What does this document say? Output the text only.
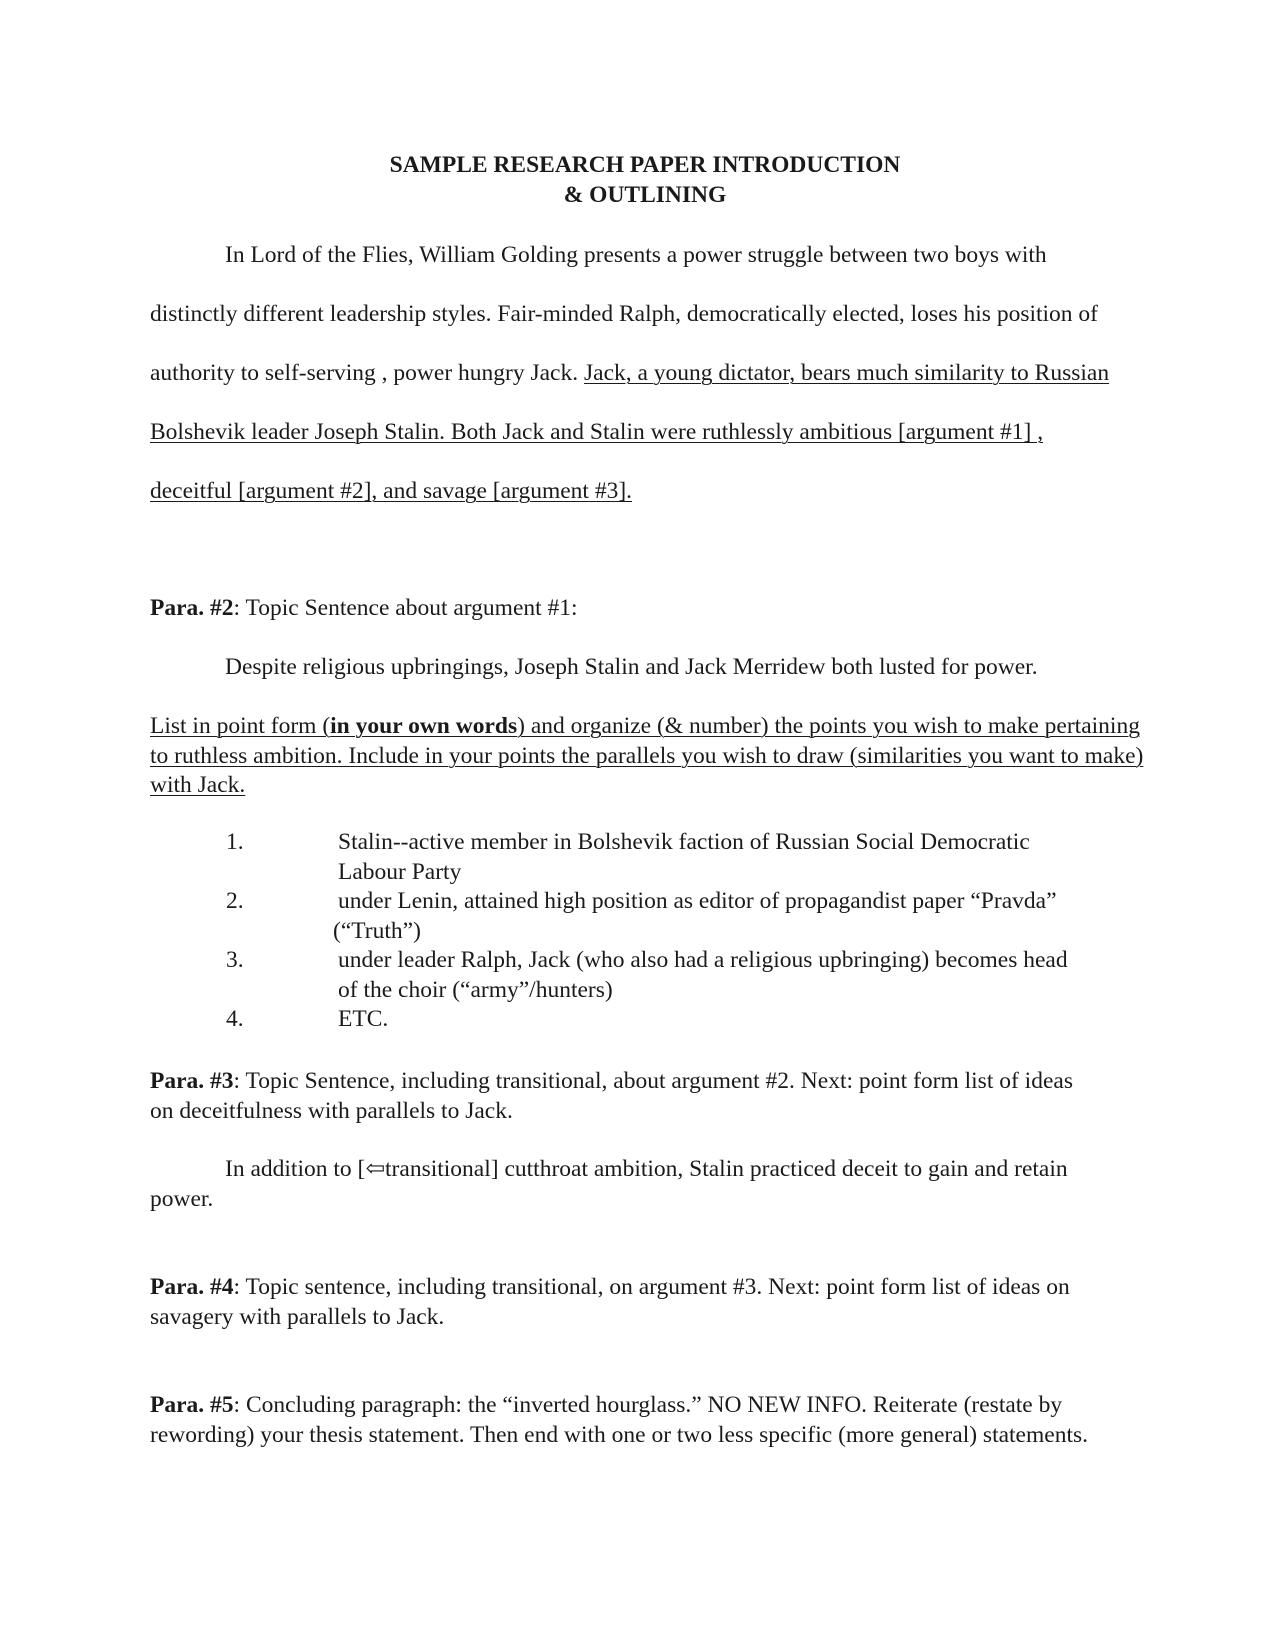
SAMPLE RESEARCH PAPER INTRODUCTION
& OUTLINING

In Lord of the Flies, William Golding presents a power struggle between two boys with distinctly different leadership styles. Fair-minded Ralph, democratically elected, loses his position of authority to self-serving , power hungry Jack. Jack, a young dictator, bears much similarity to Russian Bolshevik leader Joseph Stalin. Both Jack and Stalin were ruthlessly ambitious [argument #1] , deceitful [argument #2], and savage [argument #3].

Para. #2: Topic Sentence about argument #1:

Despite religious upbringings, Joseph Stalin and Jack Merridew both lusted for power.

List in point form (in your own words) and organize (& number) the points you wish to make pertaining to ruthless ambition. Include in your points the parallels you wish to draw (similarities you want to make) with Jack.

1.	Stalin--active member in Bolshevik faction of Russian Social Democratic
Labour Party
2.	under Lenin, attained high position as editor of propagandist paper “Pravda”
(“Truth”)
3.	under leader Ralph, Jack (who also had a religious upbringing) becomes head
of the choir (“army”/hunters)
4.	ETC.

Para. #3: Topic Sentence, including transitional, about argument #2. Next: point form list of ideas on deceitfulness with parallels to Jack.

In addition to [⇦transitional] cutthroat ambition, Stalin practiced deceit to gain and retain power.

Para. #4: Topic sentence, including transitional, on argument #3. Next: point form list of ideas on savagery with parallels to Jack.

Para. #5: Concluding paragraph: the “inverted hourglass.” NO NEW INFO. Reiterate (restate by rewording) your thesis statement. Then end with one or two less specific (more general) statements.
